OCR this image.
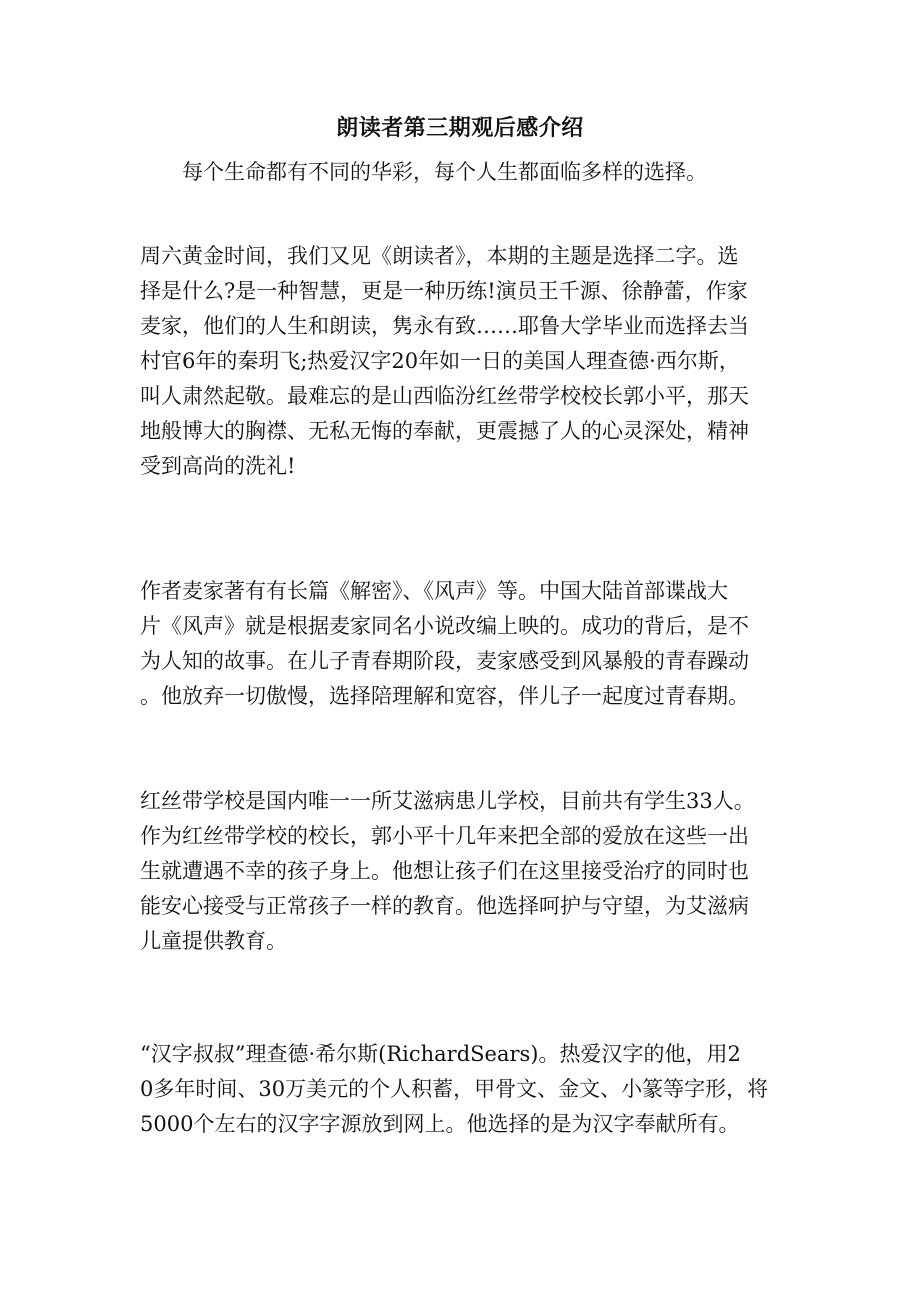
朗读者第三期观后感介绍

每个生命都有不同的华彩，每个人生都面临多样的选择。

周六黄金时间，我们又见《朗读者》，本期的主题是选择二字。选
择是什么?是一种智慧，更是一种历练!演员王千源、徐静蕾，作家
麦家，他们的人生和朗读，隽永有致……耶鲁大学毕业而选择去当
村官6年的秦玥飞;热爱汉字20年如一日的美国人理查德·西尔斯，
叫人肃然起敬。最难忘的是山西临汾红丝带学校校长郭小平，那天
地般博大的胸襟、无私无悔的奉献，更震撼了人的心灵深处，精神
受到高尚的洗礼!
作者麦家著有有长篇《解密》、《风声》等。中国大陆首部谍战大
片《风声》就是根据麦家同名小说改编上映的。成功的背后，是不
为人知的故事。在儿子青春期阶段，麦家感受到风暴般的青春躁动
。他放弃一切傲慢，选择陪理解和宽容，伴儿子一起度过青春期。
红丝带学校是国内唯一一所艾滋病患儿学校，目前共有学生33人。
作为红丝带学校的校长，郭小平十几年来把全部的爱放在这些一出
生就遭遇不幸的孩子身上。他想让孩子们在这里接受治疗的同时也
能安心接受与正常孩子一样的教育。他选择呵护与守望，为艾滋病
儿童提供教育。
“汉字叔叔”理查德·希尔斯(RichardSears)。热爱汉字的他，用2
0多年时间、30万美元的个人积蓄，甲骨文、金文、小篆等字形，将
5000个左右的汉字字源放到网上。他选择的是为汉字奉献所有。
